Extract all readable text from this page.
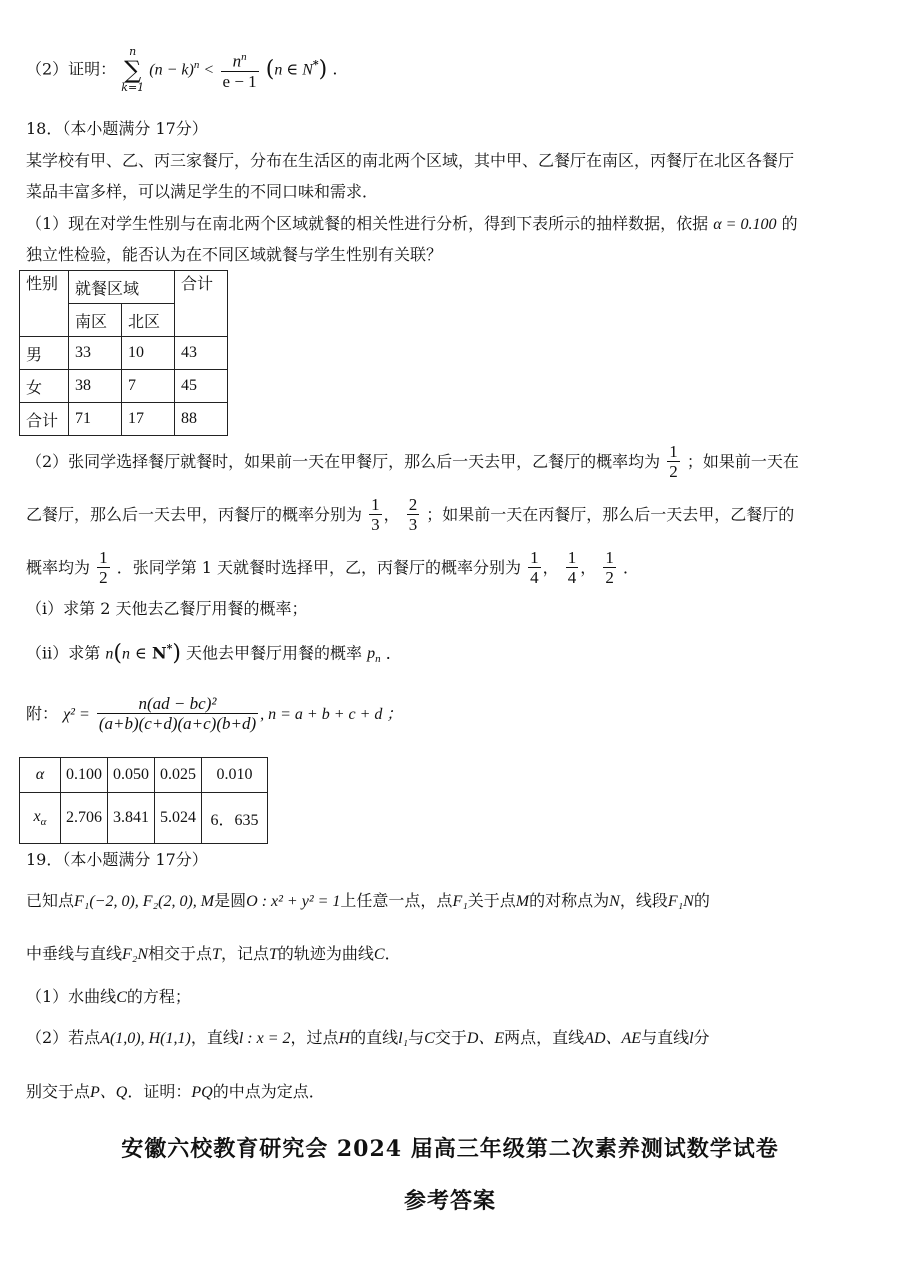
（2）证明：
n
∑
k=1
$(n - k)^n < \frac{n^n}{e - 1} (n$ ∈ N*) .
18．（本小题满分 17分）
某学校有甲、乙、丙三家餐厅，分布在生活区的南北两个区域，其中甲、乙餐厅在南区，丙餐厅在北区各餐厅
菜品丰富多样，可以满足学生的不同口味和需求．
（1）现在对学生性别与在南北两个区域就餐的相关性进行分析，得到下表所示的抽样数据，依据 α = 0.100 的
独立性检验，能否认为在不同区域就餐与学生性别有关联？
性别	就餐区域		合计
	南区	北区	
男	33	10	43
女	38	7	45
合计	71	17	88
（2）张同学选择餐厅就餐时，如果前一天在甲餐厅，那么后一天去甲，乙餐厅的概率均为 $\frac{1}{2}$ ；如果前一天在
乙餐厅，那么后一天去甲，丙餐厅的概率分别为 $\frac{1}{3}$ ， $\frac{2}{3}$ ；如果前一天在丙餐厅，那么后一天去甲，乙餐厅的
概率均为 $\frac{1}{2}$ ．张同学第 1 天就餐时选择甲，乙，丙餐厅的概率分别为 $\frac{1}{4}$ ， $\frac{1}{4}$ ， $\frac{1}{2}$ ．
（ⅰ）求第 2 天他去乙餐厅用餐的概率；
（ⅱ）求第 n(n ∈ N*) 天他去甲餐厅用餐的概率 $p_n$ ．
附： $\chi^2 = \frac{\text{n(ad − bc)²}}{(a+b)(c+d)(a+c)(b+d)}$ , n = a + b + c + d ；
α	0.100	0.050	0.025	0.010
$x_\alpha$	2.706	3.841	5.024	6．635
19．（本小题满分 17分）
已知点F₁(−2, 0), F₂(2, 0), M是圆O : x² + y² = 1上任意一点，点F₁关于点M的对称点为N，线段F₁N的
中垂线与直线F₂N相交于点T，记点T的轨迹为曲线C．
（1）水曲线C的方程；
（2）若点A(1,0), H(1,1)，直线l : x = 2，过点H的直线l₁与C交于D、E两点，直线AD、AE与直线l分
别交于点P、Q．证明：PQ的中点为定点．
安徽六校教育研究会 2024 届高三年级第二次素养测试数学试卷
参考答案
